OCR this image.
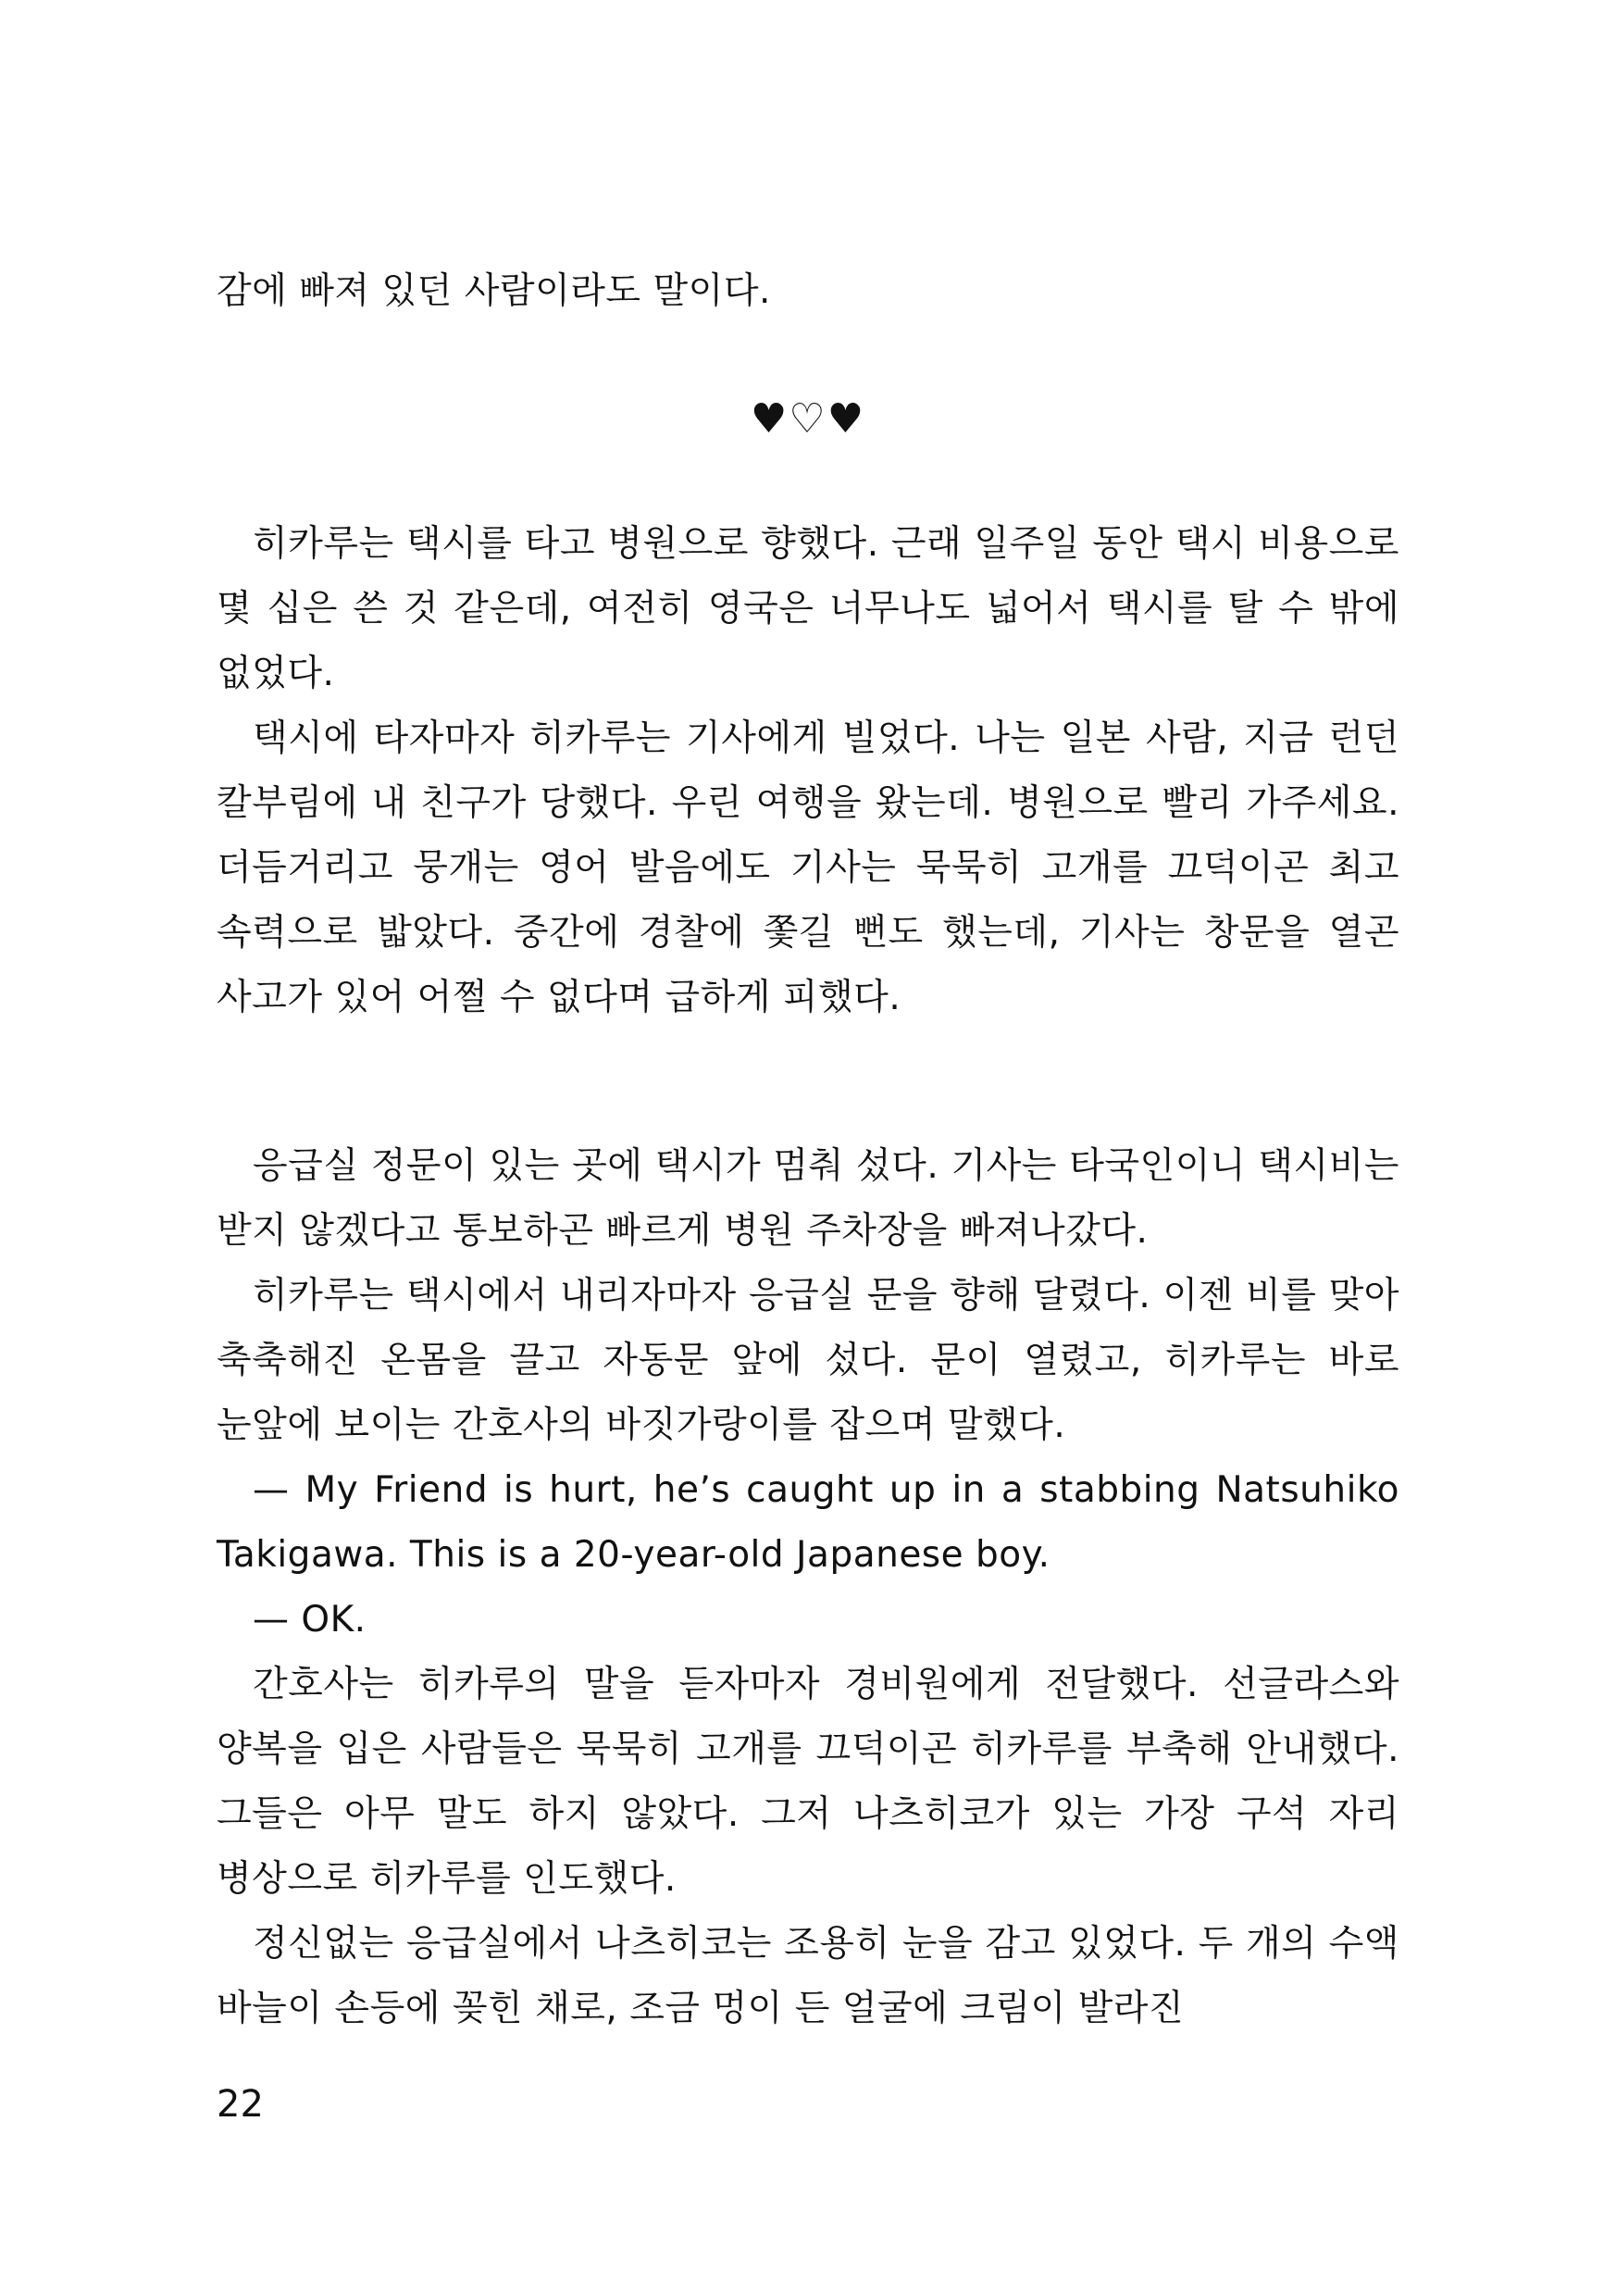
감에 빠져 있던 사람이라도 말이다.

♥♡♥

히카루는 택시를 타고 병원으로 향했다. 근래 일주일 동안 택시 비용으로 몇 십은 쓴 것 같은데, 여전히 영국은 너무나도 넓어서 택시를 탈 수 밖에 없었다.

택시에 타자마자 히카루는 기사에게 빌었다. 나는 일본 사람, 지금 런던 칼부림에 내 친구가 당했다. 우린 여행을 왔는데. 병원으로 빨리 가주세요. 더듬거리고 뭉개는 영어 발음에도 기사는 묵묵히 고개를 끄덕이곤 최고 속력으로 밟았다. 중간에 경찰에 쫓길 뻔도 했는데, 기사는 창문을 열곤 사고가 있어 어쩔 수 없다며 급하게 피했다.

응급실 정문이 있는 곳에 택시가 멈춰 섰다. 기사는 타국인이니 택시비는 받지 않겠다고 통보하곤 빠르게 병원 주차장을 빠져나갔다.

히카루는 택시에서 내리자마자 응급실 문을 향해 달렸다. 이젠 비를 맞아 축축해진 온몸을 끌고 자동문 앞에 섰다. 문이 열렸고, 히카루는 바로 눈앞에 보이는 간호사의 바짓가랑이를 잡으며 말했다.

— My Friend is hurt, he’s caught up in a stabbing Natsuhiko Takigawa. This is a 20-year-old Japanese boy.

— OK.

간호사는 히카루의 말을 듣자마자 경비원에게 전달했다. 선글라스와 양복을 입은 사람들은 묵묵히 고개를 끄덕이곤 히카루를 부축해 안내했다. 그들은 아무 말도 하지 않았다. 그저 나츠히코가 있는 가장 구석 자리 병상으로 히카루를 인도했다.

정신없는 응급실에서 나츠히코는 조용히 눈을 감고 있었다. 두 개의 수액 바늘이 손등에 꽂힌 채로, 조금 멍이 든 얼굴에 크림이 발라진

22
